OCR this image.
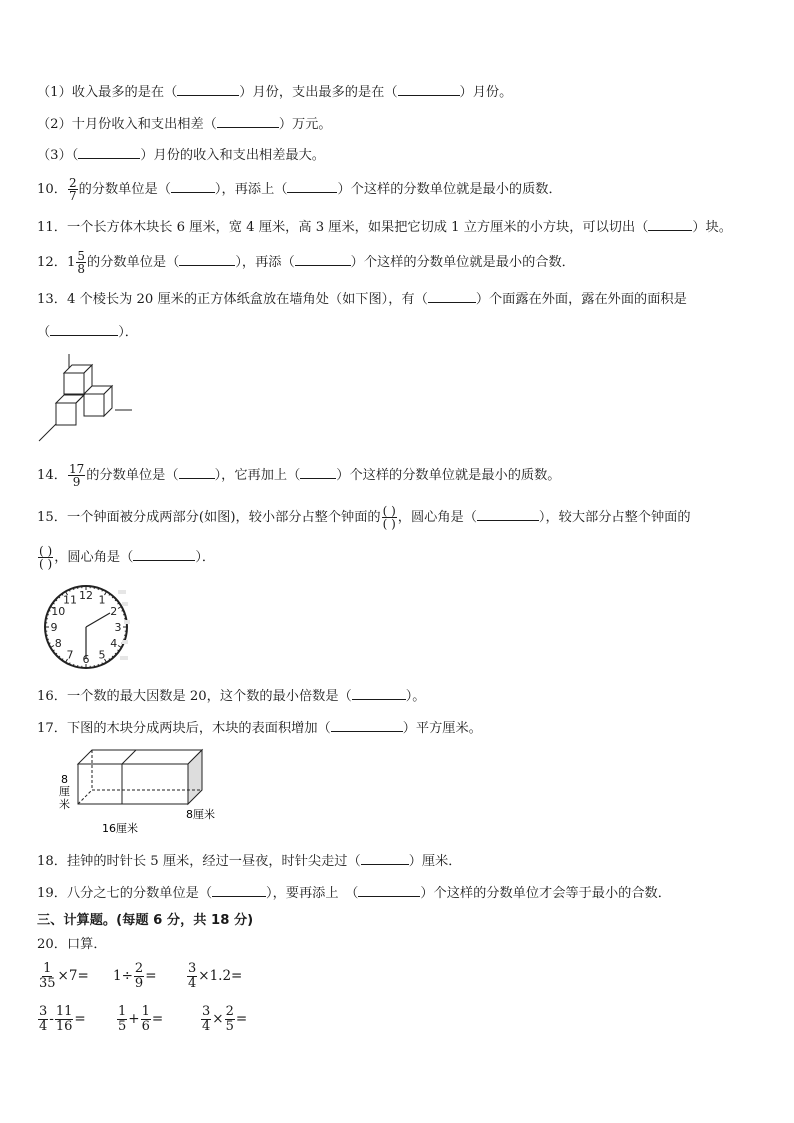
（1）收入最多的是在（	）月份，支出最多的是在（	）月份。
（2）十月份收入和支出相差（	）万元。
（3）（	）月份的收入和支出相差最大。
10． $\frac{2}{7}$ 的分数单位是（	），再添上（	）个这样的分数单位就是最小的质数．
11．一个长方体木块长 6 厘米，宽 4 厘米，高 3 厘米，如果把它切成 1 立方厘米的小方块，可以切出（	）块。
12．$1 \frac{5}{8}$ 的分数单位是（	），再添（	）个这样的分数单位就是最小的合数．
13．4 个棱长为 20 厘米的正方体纸盒放在墙角处（如下图），有（	）个面露在外面，露在外面的面积是
（	）．
14． $\frac{17}{9}$ 的分数单位是（	），它再加上（	）个这样的分数单位就是最小的质数。
15．一个钟面被分成两部分(如图)，较小部分占整个钟面的 $\frac{( )}{( )}$ ，圆心角是（	），较大部分占整个钟面的
$\frac{( )}{( )}$ ，圆心角是（	）．
12 1
2
3
4
5
6
7
8
9
10
11
16．一个数的最大因数是 20，这个数的最小倍数是（	）。
17．下图的木块分成两块后，木块的表面积增加（	）平方厘米。
8
厘
米
16厘米
8厘米
18．挂钟的时针长 5 厘米，经过一昼夜，时针尖走过（	）厘米．
19．八分之七的分数单位是（	），要再添上　（	）个这样的分数单位才会等于最小的合数．
三、计算题。(每题 6 分，共 18 分)
20．口算．
$\frac{1}{35} \times 7= 1\div \frac{2}{9} = \frac{3}{4} \times 1.2=$
$\frac{3}{4} - \frac{11}{16} = \frac{1}{5} + \frac{1}{6}$ =	$\frac{3}{4} \times \frac{2}{5}$ =
